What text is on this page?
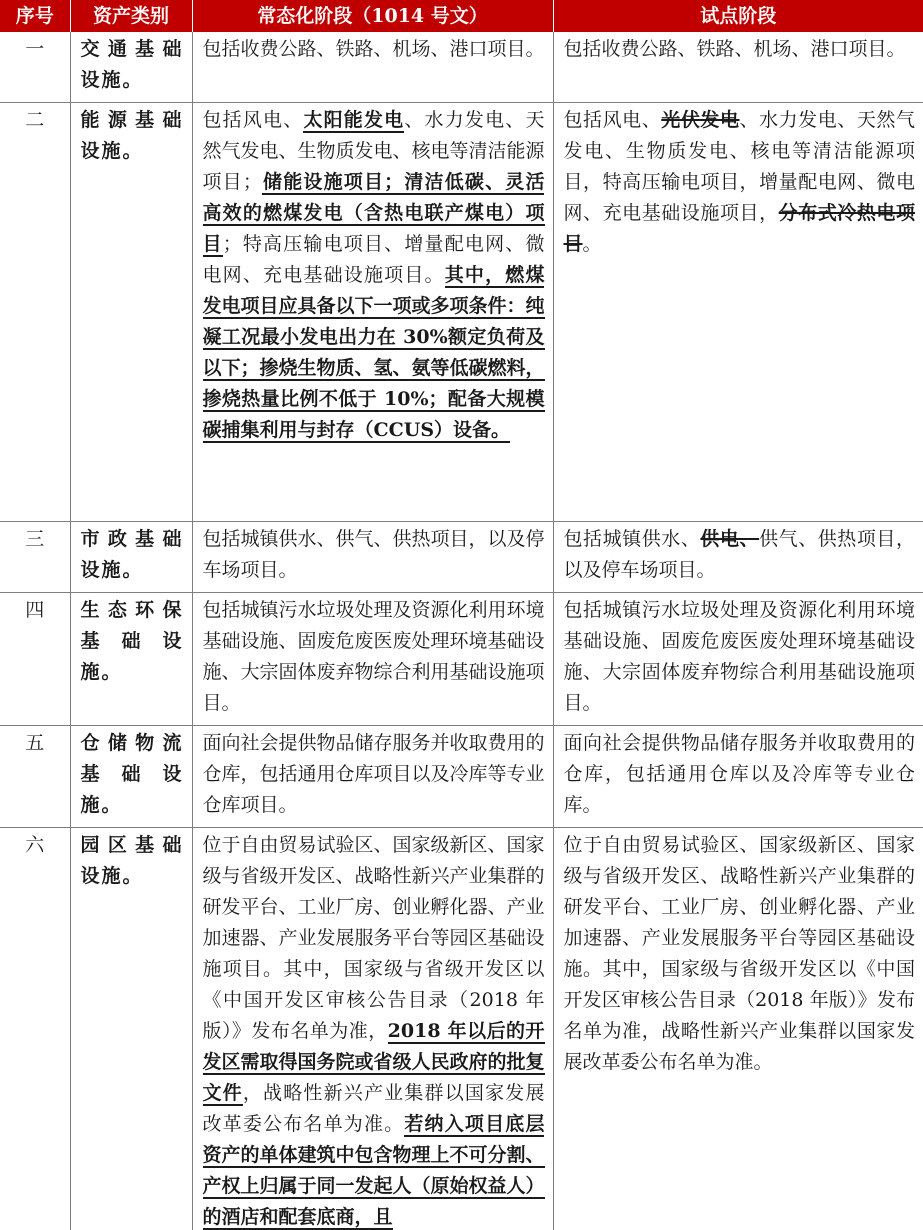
序号	资产类别	常态化阶段（1014 号文）	试点阶段
一	交通基础设施。	包括收费公路、铁路、机场、港口项目。	包括收费公路、铁路、机场、港口项目。
二	能源基础设施。	包括风电、太阳能发电、水力发电、天然气发电、生物质发电、核电等清洁能源项目；储能设施项目；清洁低碳、灵活高效的燃煤发电（含热电联产煤电）项目；特高压输电项目、增量配电网、微电网、充电基础设施项目。其中，燃煤发电项目应具备以下一项或多项条件：纯凝工况最小发电出力在 30%额定负荷及以下；掺烧生物质、氢、氨等低碳燃料，掺烧热量比例不低于 10%；配备大规模碳捕集利用与封存（CCUS）设备。	包括风电、光伏发电、水力发电、天然气发电、生物质发电、核电等清洁能源项目，特高压输电项目，增量配电网、微电网、充电基础设施项目，分布式冷热电项目。
三	市政基础设施。	包括城镇供水、供气、供热项目，以及停车场项目。	包括城镇供水、供电、供气、供热项目，以及停车场项目。
四	生态环保基础设施。	包括城镇污水垃圾处理及资源化利用环境基础设施、固废危废医废处理环境基础设施、大宗固体废弃物综合利用基础设施项目。	包括城镇污水垃圾处理及资源化利用环境基础设施、固废危废医废处理环境基础设施、大宗固体废弃物综合利用基础设施项目。
五	仓储物流基础设施。	面向社会提供物品储存服务并收取费用的仓库，包括通用仓库项目以及冷库等专业仓库项目。	面向社会提供物品储存服务并收取费用的仓库，包括通用仓库以及冷库等专业仓库。
六	园区基础设施。	位于自由贸易试验区、国家级新区、国家级与省级开发区、战略性新兴产业集群的研发平台、工业厂房、创业孵化器、产业加速器、产业发展服务平台等园区基础设施项目。其中，国家级与省级开发区以《中国开发区审核公告目录（2018 年版）》发布名单为准，2018 年以后的开发区需取得国务院或省级人民政府的批复文件，战略性新兴产业集群以国家发展改革委公布名单为准。若纳入项目底层资产的单体建筑中包含物理上不可分割、产权上归属于同一发起人（原始权益人）的酒店和配套底商，且	位于自由贸易试验区、国家级新区、国家级与省级开发区、战略性新兴产业集群的研发平台、工业厂房、创业孵化器、产业加速器、产业发展服务平台等园区基础设施。其中，国家级与省级开发区以《中国开发区审核公告目录（2018 年版）》发布名单为准，战略性新兴产业集群以国家发展改革委公布名单为准。
